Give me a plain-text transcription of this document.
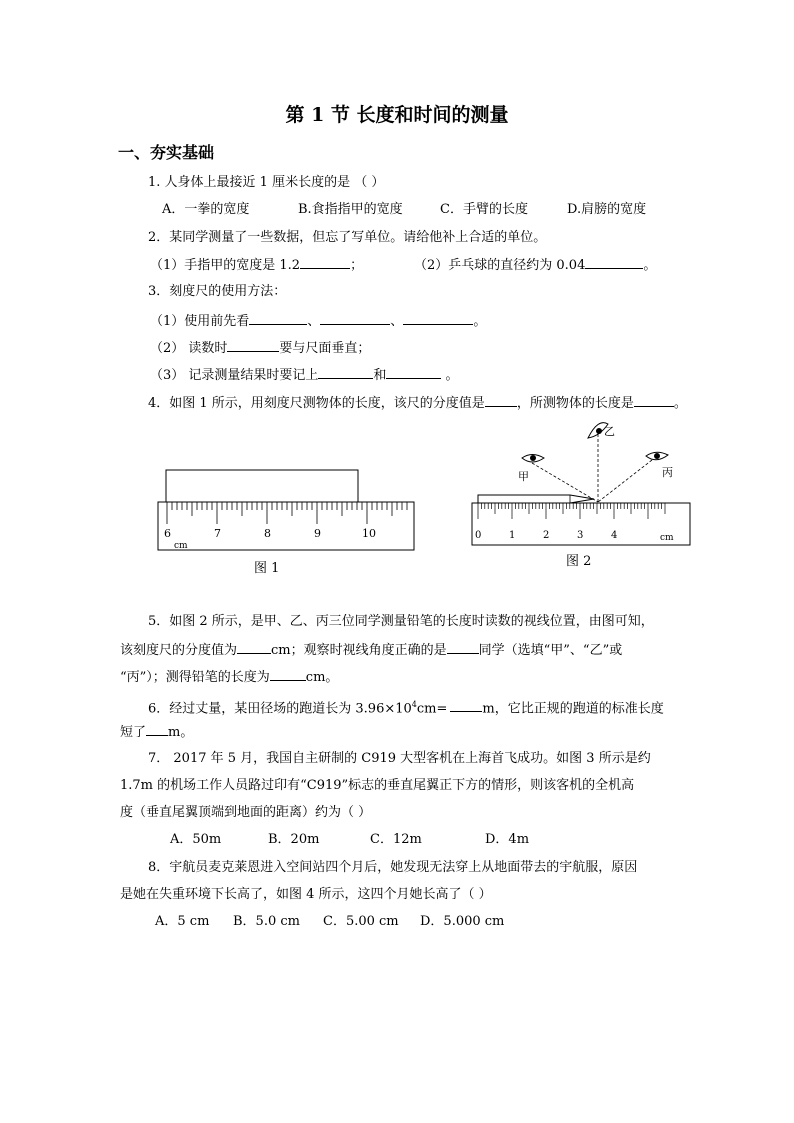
第 1 节 长度和时间的测量
一、夯实基础
1. 人身体上最接近 1 厘米长度的是 （ ）
A．一拳的宽度	B.食指指甲的宽度	C．手臂的长度	D.肩膀的宽度
2．某同学测量了一些数据，但忘了写单位。请给他补上合适的单位。
（1）手指甲的宽度是 1.2	；	（2）乒乓球的直径约为 0.04	。
3．刻度尺的使用方法：
（1）使用前先看	、	、	。
（2） 读数时	要与尺面垂直；
（3） 记录测量结果时要记上	和	。
4．如图 1 所示，用刻度尺测物体的长度，该尺的分度值是 ，所测物体的长度是	。
6	7	8	9	10
cm
图 1
甲
乙
丙
0	1	2	3	4	cm
图 2
5．如图 2 所示，是甲、乙、丙三位同学测量铅笔的长度时读数的视线位置，由图可知，
该刻度尺的分度值为	cm；观察时视线角度正确的是 同学（选填“甲”、“乙”或
“丙”）；测得铅笔的长度为	cm。
6．经过丈量，某田径场的跑道长为 $3.96\times 10^4cm=$	m，它比正规的跑道的标准长度
短了 m。
7． 2017 年 5 月，我国自主研制的 C919 大型客机在上海首飞成功。如图 3 所示是约
1.7m 的机场工作人员路过印有“C919”标志的垂直尾翼正下方的情形，则该客机的全机高
度（垂直尾翼顶端到地面的距离）约为（ ）
A．50m	B．20m	C．12m	D．4m
8．宇航员麦克莱恩进入空间站四个月后，她发现无法穿上从地面带去的宇航服，原因
是她在失重环境下长高了，如图 4 所示，这四个月她长高了（ ）
A．5 cm B．5.0 cm C．5.00 cm D．5.000 cm
